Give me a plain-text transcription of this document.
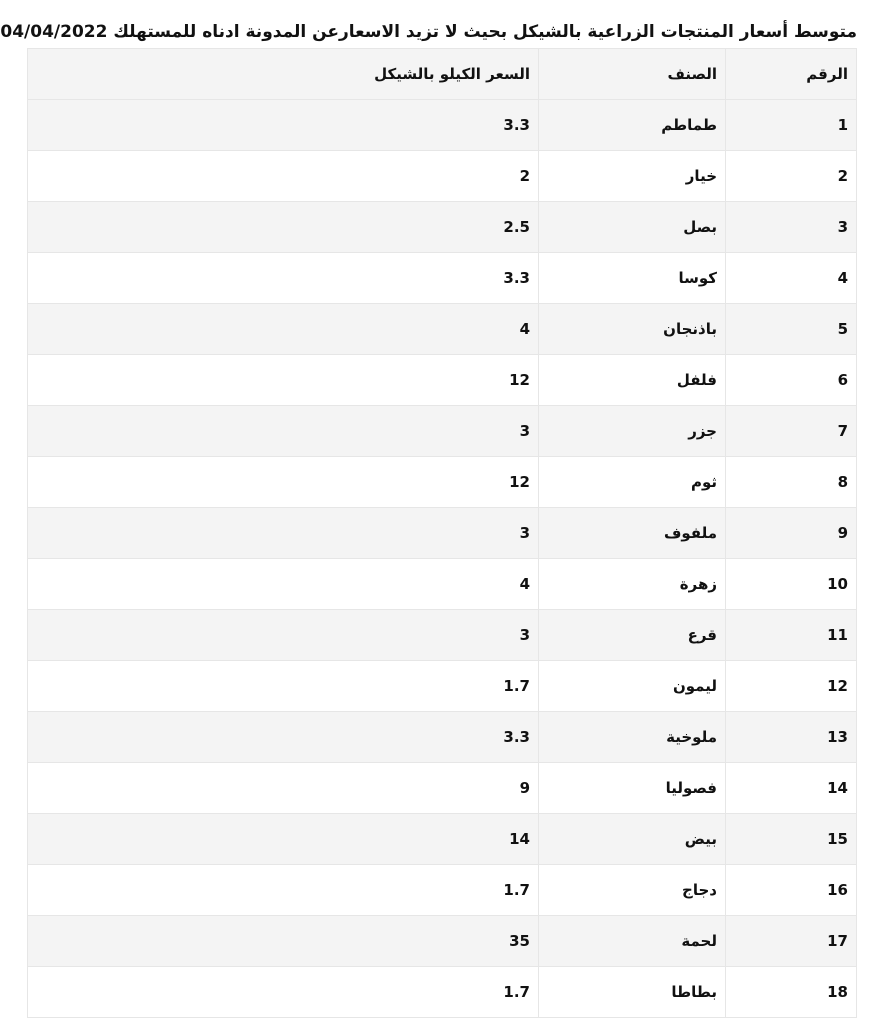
متوسط أسعار المنتجات الزراعية بالشيكل بحيث لا تزيد الاسعارعن المدونة ادناه للمستهلك 04/04/2022
الرقم	الصنف	السعر الكيلو بالشيكل
1	طماطم	3.3
2	خيار	2
3	بصل	2.5
4	كوسا	3.3
5	باذنجان	4
6	فلفل	12
7	جزر	3
8	ثوم	12
9	ملفوف	3
10	زهرة	4
11	قرع	3
12	ليمون	1.7
13	ملوخية	3.3
14	فصوليا	9
15	بيض	14
16	دجاج	1.7
17	لحمة	35
18	بطاطا	1.7
